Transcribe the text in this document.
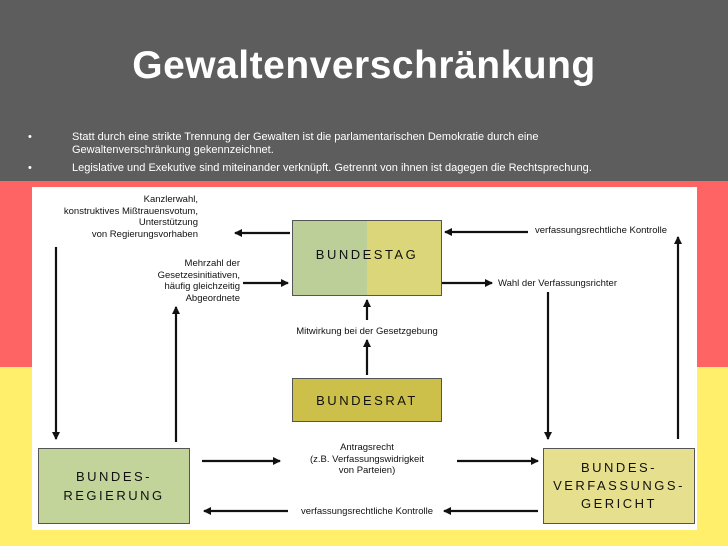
Gewaltenverschränkung
•	Statt durch eine strikte Trennung der Gewalten ist die parlamentarischen Demokratie durch eine Gewaltenverschränkung gekennzeichnet.
•	Legislative und Exekutive sind miteinander verknüpft. Getrennt von ihnen ist dagegen die Rechtsprechung.
Kanzlerwahl,
konstruktives Mißtrauensvotum,
Unterstützung
von Regierungsvorhaben
Mehrzahl der
Gesetzesinitiativen,
häufig gleichzeitig
Abgeordnete
verfassungsrechtliche Kontrolle
Wahl der Verfassungsrichter
Mitwirkung bei der Gesetzgebung
Antragsrecht
(z.B. Verfassungswidrigkeit
von Parteien)
verfassungsrechtliche Kontrolle
BUNDESTAG
BUNDESRAT
BUNDES-
REGIERUNG
BUNDES-
VERFASSUNGS-
GERICHT
